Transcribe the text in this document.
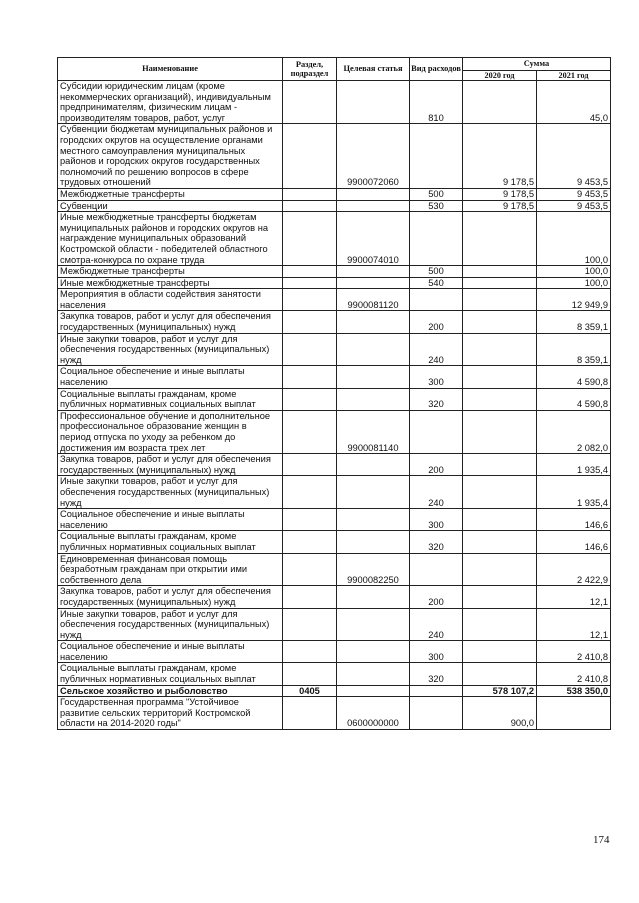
Наименование	Раздел, подраздел	Целевая статья	Вид расходов	Сумма	
				2020 год	2021 год
Субсидии юридическим лицам (кроме некоммерческих организаций), индивидуальным предпринимателям, физическим лицам - производителям товаров, работ, услуг			810		45,0
Субвенции бюджетам муниципальных районов и городских округов на осуществление органами местного самоуправления муниципальных районов и городских округов государственных полномочий по решению вопросов в сфере трудовых отношений		9900072060		9 178,5	9 453,5
Межбюджетные трансферты			500	9 178,5	9 453,5
Субвенции			530	9 178,5	9 453,5
Иные межбюджетные трансферты бюджетам муниципальных районов и городских округов на награждение муниципальных образований Костромской области - победителей областного смотра-конкурса по охране труда		9900074010			100,0
Межбюджетные трансферты			500		100,0
Иные межбюджетные трансферты			540		100,0
Мероприятия в области содействия занятости населения		9900081120			12 949,9
Закупка товаров, работ и услуг для обеспечения государственных (муниципальных) нужд			200		8 359,1
Иные закупки товаров, работ и услуг для обеспечения государственных (муниципальных) нужд			240		8 359,1
Социальное обеспечение и иные выплаты населению			300		4 590,8
Социальные выплаты гражданам, кроме публичных нормативных социальных выплат			320		4 590,8
Профессиональное обучение и дополнительное профессиональное образование женщин в период отпуска по уходу за ребенком до достижения им возраста трех лет		9900081140			2 082,0
Закупка товаров, работ и услуг для обеспечения государственных (муниципальных) нужд			200		1 935,4
Иные закупки товаров, работ и услуг для обеспечения государственных (муниципальных) нужд			240		1 935,4
Социальное обеспечение и иные выплаты населению			300		146,6
Социальные выплаты гражданам, кроме публичных нормативных социальных выплат			320		146,6
Единовременная финансовая помощь безработным гражданам при открытии ими собственного дела		9900082250			2 422,9
Закупка товаров, работ и услуг для обеспечения государственных (муниципальных) нужд			200		12,1
Иные закупки товаров, работ и услуг для обеспечения государственных (муниципальных) нужд			240		12,1
Социальное обеспечение и иные выплаты населению			300		2 410,8
Социальные выплаты гражданам, кроме публичных нормативных социальных выплат			320		2 410,8
Сельское хозяйство и рыболовство	0405			578 107,2	538 350,0
Государственная программа "Устойчивое развитие сельских территорий Костромской области на 2014-2020 годы"		0600000000		900,0	
174
